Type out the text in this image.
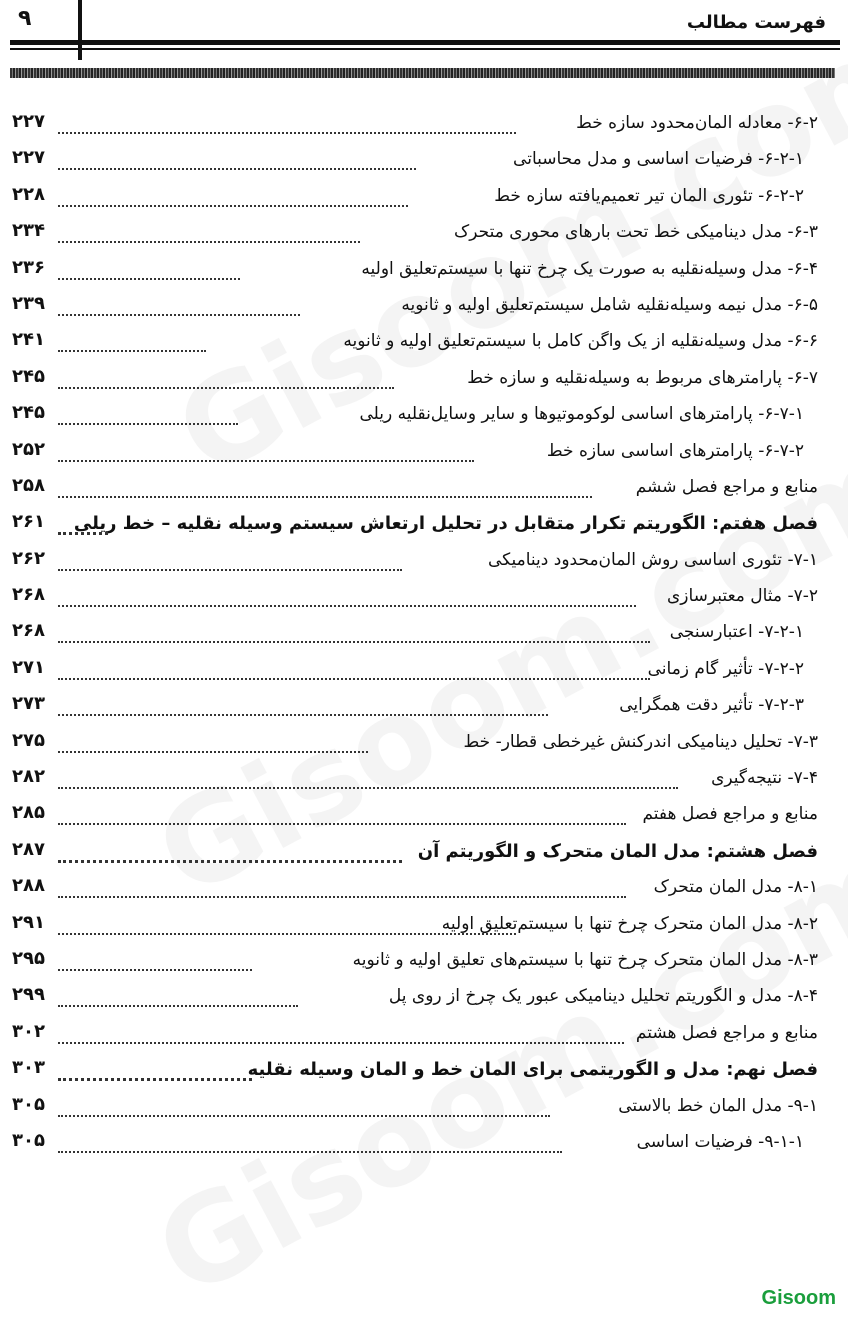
۹	فهرست مطالب
۶-۲- معادله المان‌محدود سازه خط
۲۲۷
۶-۲-۱- فرضیات اساسی و مدل محاسباتی
۲۲۷
۶-۲-۲- تئوری المان تیر تعمیم‌یافته سازه خط
۲۲۸
۶-۳- مدل دینامیکی خط تحت بارهای محوری متحرک
۲۳۴
۶-۴- مدل وسیله‌نقلیه به صورت یک چرخ تنها با سیستم‌تعلیق اولیه
۲۳۶
۶-۵- مدل نیمه وسیله‌نقلیه شامل سیستم‌تعلیق اولیه و ثانویه
۲۳۹
۶-۶- مدل وسیله‌نقلیه از یک واگن کامل با سیستم‌تعلیق اولیه و ثانویه
۲۴۱
۶-۷- پارامترهای مربوط به وسیله‌نقلیه و سازه خط
۲۴۵
۶-۷-۱- پارامترهای اساسی لوکوموتیوها و سایر وسایل‌نقلیه ریلی
۲۴۵
۶-۷-۲- پارامترهای اساسی سازه خط
۲۵۲
منابع و مراجع فصل ششم
۲۵۸
فصل هفتم: الگوریتم تکرار متقابل در تحلیل ارتعاش سیستم وسیله نقلیه – خط ریلی
۲۶۱
۷-۱- تئوری اساسی روش المان‌محدود دینامیکی
۲۶۲
۷-۲- مثال معتبرسازی
۲۶۸
۷-۲-۱- اعتبارسنجی
۲۶۸
۷-۲-۲- تأثیر گام زمانی
۲۷۱
۷-۲-۳- تأثیر دقت همگرایی
۲۷۳
۷-۳- تحلیل دینامیکی اندرکنش غیرخطی قطار- خط
۲۷۵
۷-۴- نتیجه‌گیری
۲۸۲
منابع و مراجع فصل هفتم
۲۸۵
فصل هشتم: مدل المان متحرک و الگوریتم آن
۲۸۷
۸-۱- مدل المان متحرک
۲۸۸
۸-۲- مدل المان متحرک چرخ تنها با سیستم‌تعلیق اولیه
۲۹۱
۸-۳- مدل المان متحرک چرخ تنها با سیستم‌های تعلیق اولیه و ثانویه
۲۹۵
۸-۴- مدل و الگوریتم تحلیل دینامیکی عبور یک چرخ از روی پل
۲۹۹
منابع و مراجع فصل هشتم
۳۰۲
فصل نهم: مدل و الگوریتمی برای المان خط و المان وسیله نقلیه
۳۰۳
۹-۱- مدل المان خط بالاستی
۳۰۵
۹-۱-۱- فرضیات اساسی
۳۰۵
Gisoom
